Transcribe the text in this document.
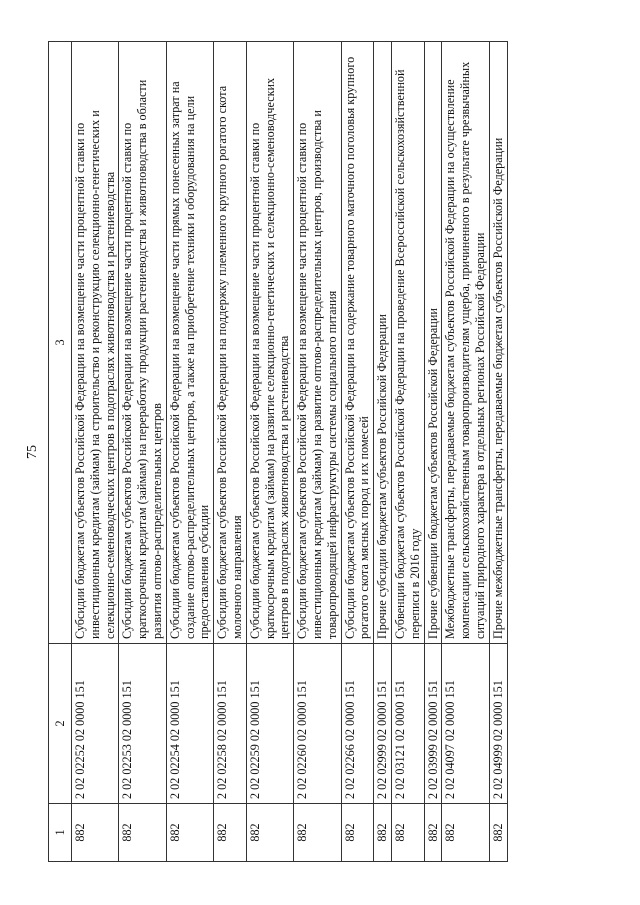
75
1	2	3
882	2 02 02252 02 0000 151	Субсидии бюджетам субъектов Российской Федерации на возмещение части процентной ставки по инвестиционным кредитам (займам) на строительство и реконструкцию селекционно-генетических и селекционно-семеноводческих центров в подотраслях животноводства и растениеводства
882	2 02 02253 02 0000 151	Субсидии бюджетам субъектов Российской Федерации на возмещение части процентной ставки по краткосрочным кредитам (займам) на переработку продукции растениеводства и животноводства в области развития оптово-распределительных центров
882	2 02 02254 02 0000 151	Субсидии бюджетам субъектов Российской Федерации на возмещение части прямых понесенных затрат на создание оптово-распределительных центров, а также на приобретение техники и оборудования на цели предоставления субсидии
882	2 02 02258 02 0000 151	Субсидии бюджетам субъектов Российской Федерации на поддержку племенного крупного рогатого скота молочного направления
882	2 02 02259 02 0000 151	Субсидии бюджетам субъектов Российской Федерации на возмещение части процентной ставки по краткосрочным кредитам (займам) на развитие селекционно-генетических и селекционно-семеноводческих центров в подотраслях животноводства и растениеводства
882	2 02 02260 02 0000 151	Субсидии бюджетам субъектов Российской Федерации на возмещение части процентной ставки по инвестиционным кредитам (займам) на развитие оптово-распределительных центров, производства и товаропроводящей инфраструктуры системы социального питания
882	2 02 02266 02 0000 151	Субсидии бюджетам субъектов Российской Федерации на содержание товарного маточного поголовья крупного рогатого скота мясных пород и их помесей
882	2 02 02999 02 0000 151	Прочие субсидии бюджетам субъектов Российской Федерации
882	2 02 03121 02 0000 151	Субвенции бюджетам субъектов Российской Федерации на проведение Всероссийской сельскохозяйственной переписи в 2016 году
882	2 02 03999 02 0000 151	Прочие субвенции бюджетам субъектов Российской Федерации
882	2 02 04097 02 0000 151	Межбюджетные трансферты, передаваемые бюджетам субъектов Российской Федерации на осуществление компенсации сельскохозяйственным товаропроизводителям ущерба, причиненного в результате чрезвычайных ситуаций природного характера в отдельных регионах Российской Федерации
882	2 02 04999 02 0000 151	Прочие межбюджетные трансферты, передаваемые бюджетам субъектов Российской Федерации
